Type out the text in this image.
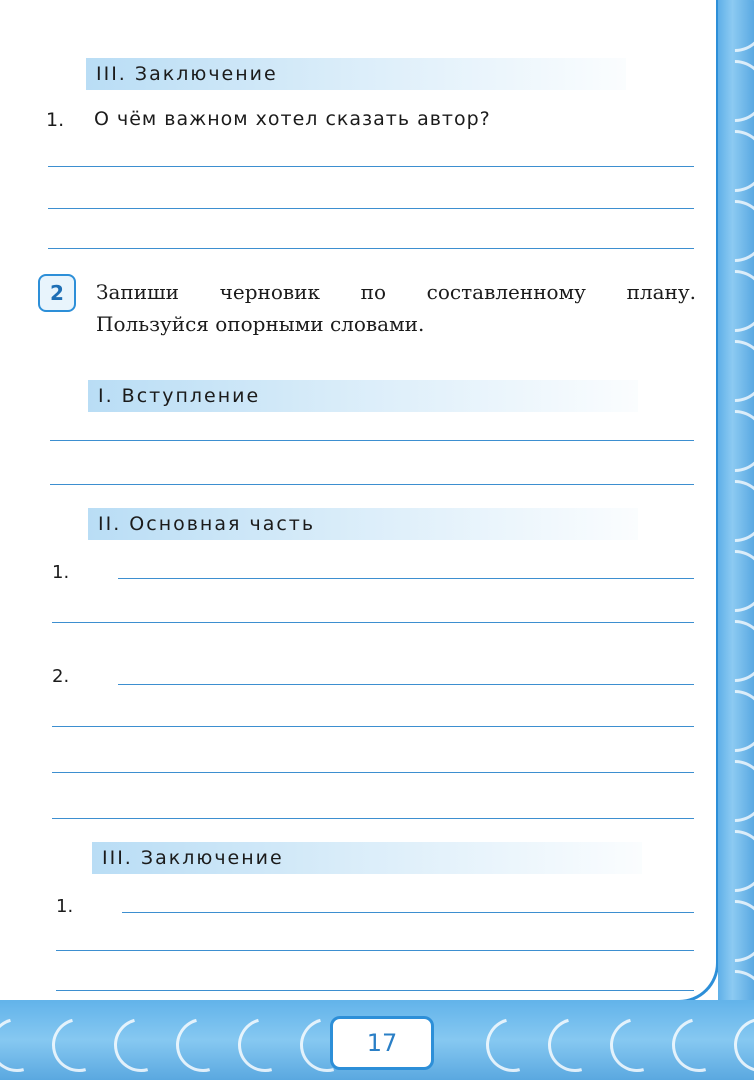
17
III. Заключение
1. О чём важном хотел сказать автор?
2	Запиши черновик по составленному плану.
Пользуйся опорными словами.
I. Вступление
II. Основная часть
1.
2.
III. Заключение
1.
